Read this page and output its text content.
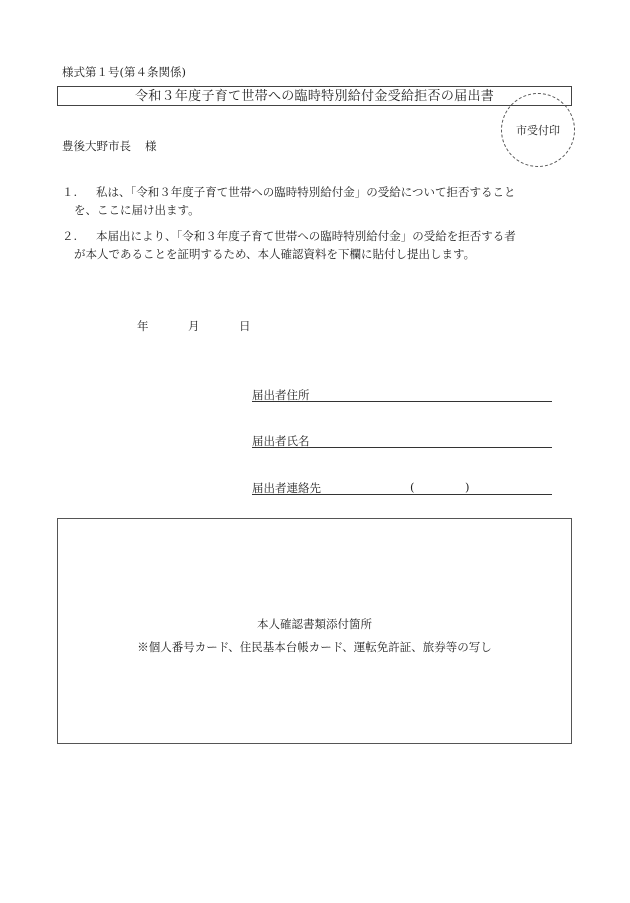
様式第１号(第４条関係)
令和３年度子育て世帯への臨時特別給付金受給拒否の届出書
市受付印
豊後大野市長 様
１. 私は、「令和３年度子育て世帯への臨時特別給付金」の受給について拒否すること
を、ここに届け出ます。
２. 本届出により、「令和３年度子育て世帯への臨時特別給付金」の受給を拒否する者
が本人であることを証明するため、本人確認資料を下欄に貼付し提出します。
年	月	日
届出者住所
届出者氏名
届出者連絡先	(	)
本人確認書類添付箇所
※個人番号カード、住民基本台帳カード、運転免許証、旅券等の写し
